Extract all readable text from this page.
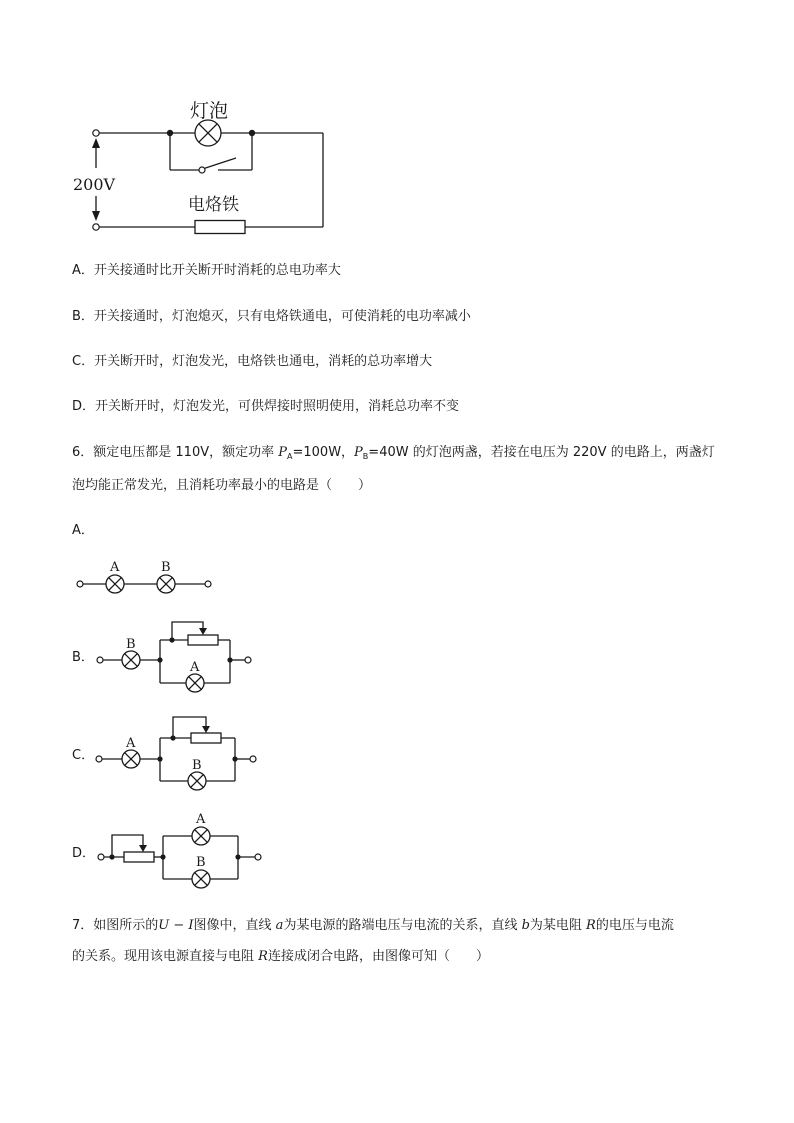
灯泡
200V
电烙铁
A．开关接通时比开关断开时消耗的总电功率大
B．开关接通时，灯泡熄灭，只有电烙铁通电，可使消耗的电功率减小
C．开关断开时，灯泡发光，电烙铁也通电，消耗的总功率增大
D．开关断开时，灯泡发光，可供焊接时照明使用，消耗总功率不变
6．额定电压都是 110V，额定功率 $P_A=100W$，$P_B=40W$ 的灯泡两盏，若接在电压为 220V 的电路上，两盏灯
泡均能正常发光，且消耗功率最小的电路是（　　）
A．
B．
C．
D．
A	B
B
A
A
B
A
B
7．如图所示的U − I图像中，直线 a为某电源的路端电压与电流的关系，直线 b为某电阻 R的电压与电流
的关系。现用该电源直接与电阻 R连接成闭合电路，由图像可知（　　）
